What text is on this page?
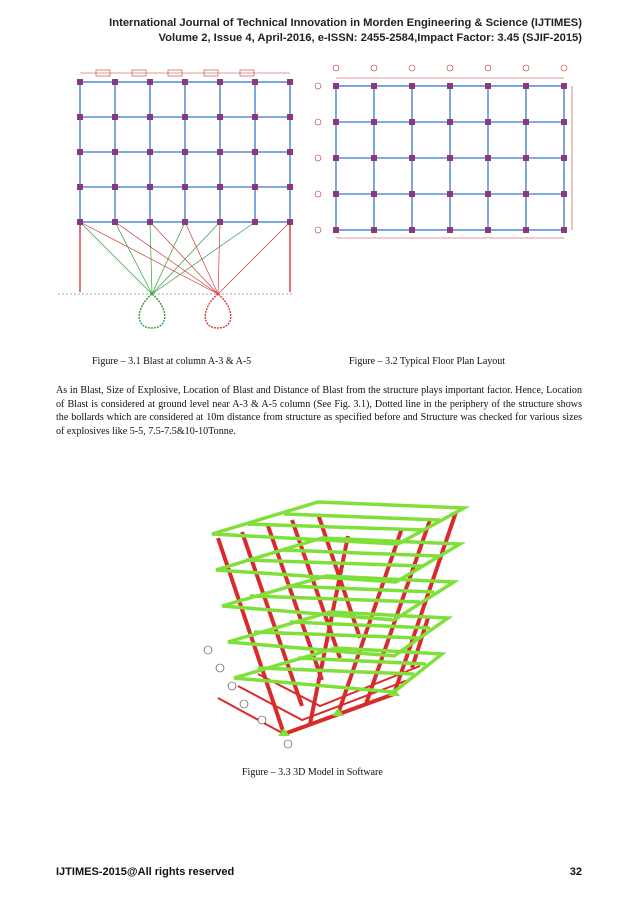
International Journal of Technical Innovation in Morden Engineering & Science (IJTIMES)
Volume 2, Issue 4, April-2016, e-ISSN: 2455-2584,Impact Factor: 3.45 (SJIF-2015)
Figure – 3.1 Blast at column A-3 & A-5	Figure – 3.2 Typical Floor Plan Layout
As in Blast, Size of Explosive, Location of Blast and Distance of Blast from the structure plays important factor. Hence, Location of Blast is considered at ground level near A-3 & A-5 column (See Fig. 3.1), Dotted line in the periphery of the structure shows the bollards which are considered at 10m distance from structure as specified before and Structure was checked for various sizes of explosives like 5-5, 7.5-7.5&10-10Tonne.
Figure – 3.3 3D Model in Software
IJTIMES-2015@All rights reserved	32
